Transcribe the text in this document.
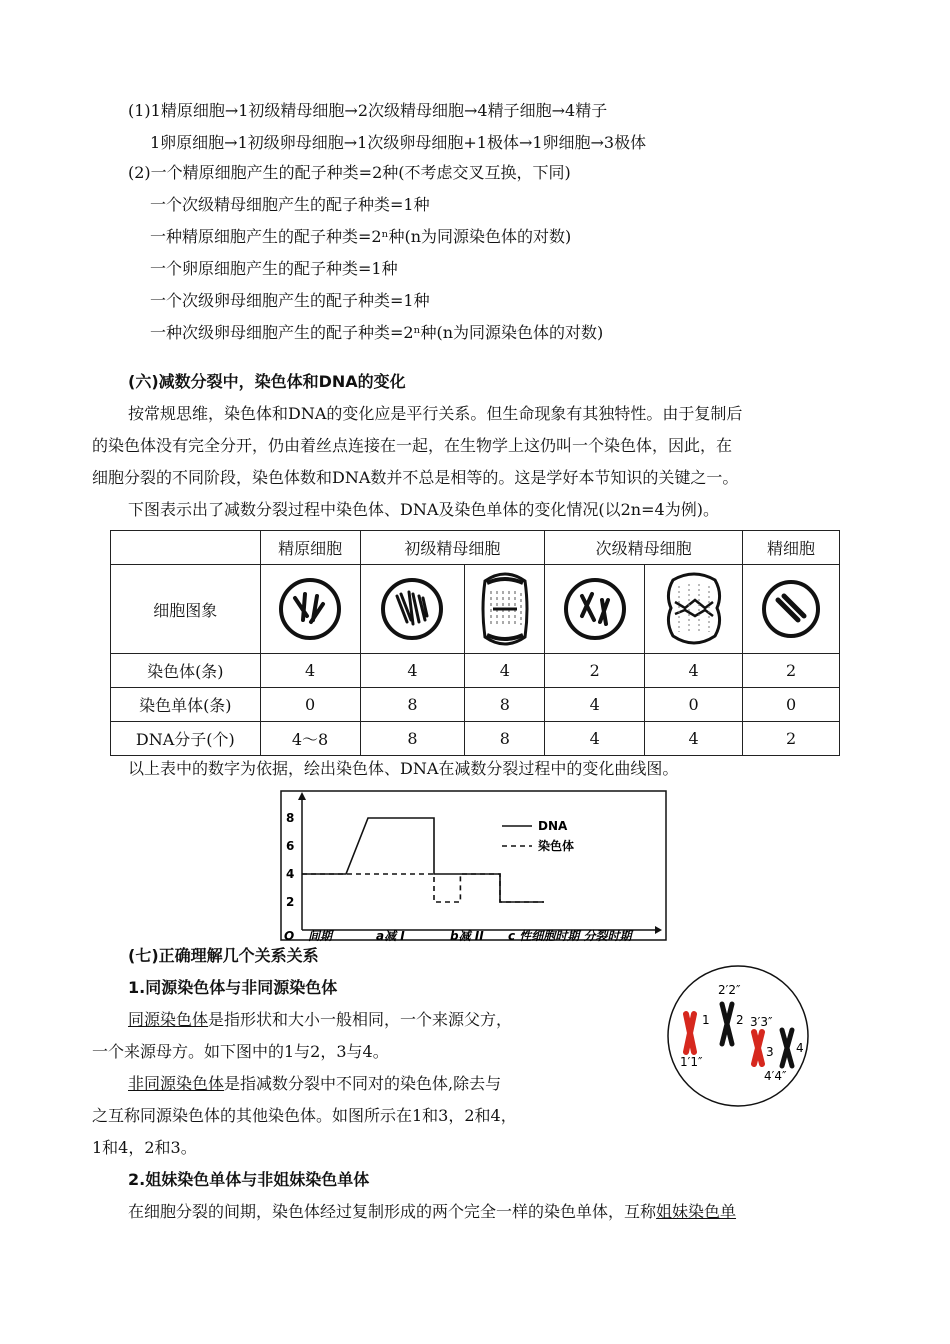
(1)1精原细胞→1初级精母细胞→2次级精母细胞→4精子细胞→4精子
1卵原细胞→1初级卵母细胞→1次级卵母细胞+1极体→1卵细胞→3极体
(2)一个精原细胞产生的配子种类=2种(不考虑交叉互换，下同)
一个次级精母细胞产生的配子种类=1种
一种精原细胞产生的配子种类=2ⁿ种(n为同源染色体的对数)
一个卵原细胞产生的配子种类=1种
一个次级卵母细胞产生的配子种类=1种
一种次级卵母细胞产生的配子种类=2ⁿ种(n为同源染色体的对数)
(六)减数分裂中，染色体和DNA的变化
按常规思维，染色体和DNA的变化应是平行关系。但生命现象有其独特性。由于复制后
的染色体没有完全分开，仍由着丝点连接在一起，在生物学上这仍叫一个染色体，因此，在
细胞分裂的不同阶段，染色体数和DNA数并不总是相等的。这是学好本节知识的关键之一。
下图表示出了减数分裂过程中染色体、DNA及染色单体的变化情况(以2n=4为例)。
	精原细胞	初级精母细胞		次级精母细胞		精细胞
细胞图象	

染色体(条)	4	4	4	2	4	2
染色单体(条)	0	8	8	4	0	0
DNA分子(个)	4～8	8	8	4	4	2
以上表中的数字为依据，绘出染色体、DNA在减数分裂过程中的变化曲线图。
2
4
6
8
O 间期	a减 I	b减 II c 性细胞时期 分裂时期
DNA
染色体
(七)正确理解几个关系关系
1.同源染色体与非同源染色体
同源染色体是指形状和大小一般相同，一个来源父方，
一个来源母方。如下图中的1与2，3与4。
非同源染色体是指减数分裂中不同对的染色体,除去与
之互称同源染色体的其他染色体。如图所示在1和3，2和4，
1和4，2和3。
2.姐妹染色单体与非姐妹染色单体
在细胞分裂的间期，染色体经过复制形成的两个完全一样的染色单体，互称姐妹染色单
1
1′1″
2
2′2″
3
3′3″
4
4′4″
